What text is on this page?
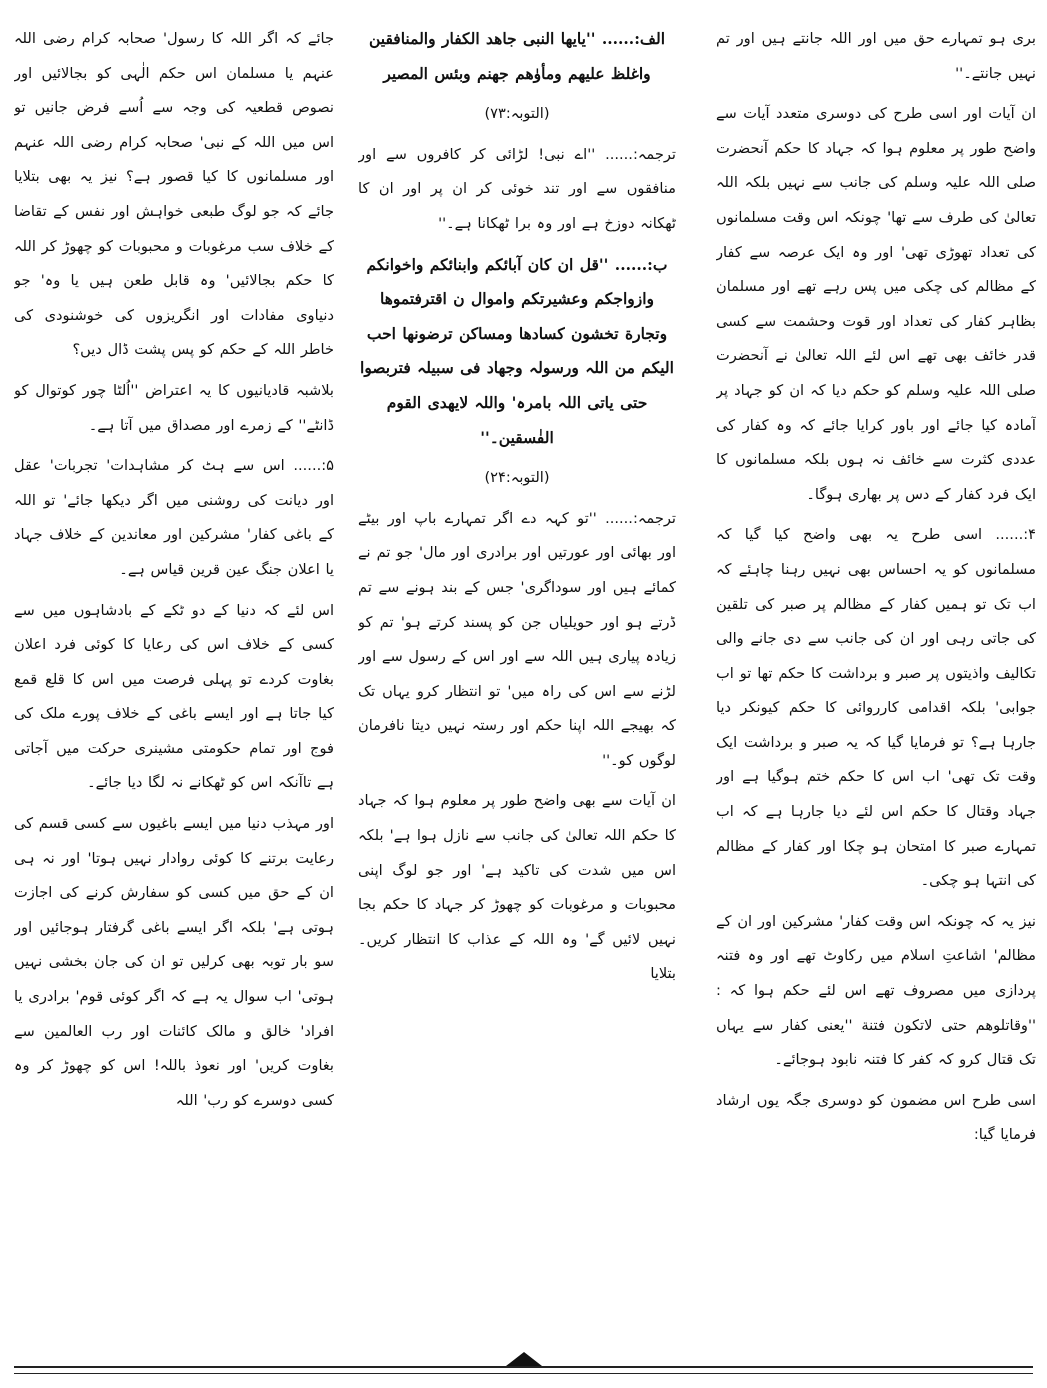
بری ہو تمہارے حق میں اور اللہ جانتے ہیں اور تم نہیں جانتے۔''

ان آیات اور اسی طرح کی دوسری متعدد آیات سے واضح طور پر معلوم ہوا کہ جہاد کا حکم آنحضرت صلی اللہ علیہ وسلم کی جانب سے نہیں بلکہ اللہ تعالیٰ کی طرف سے تھا' چونکہ اس وقت مسلمانوں کی تعداد تھوڑی تھی' اور وہ ایک عرصہ سے کفار کے مظالم کی چکی میں پس رہے تھے اور مسلمان بظاہر کفار کی تعداد اور قوت وحشمت سے کسی قدر خائف بھی تھے اس لئے اللہ تعالیٰ نے آنحضرت صلی اللہ علیہ وسلم کو حکم دیا کہ ان کو جہاد پر آمادہ کیا جائے اور باور کرایا جائے کہ وہ کفار کی عددی کثرت سے خائف نہ ہوں بلکہ مسلمانوں کا ایک فرد کفار کے دس پر بھاری ہوگا۔

۴:...... اسی طرح یہ بھی واضح کیا گیا کہ مسلمانوں کو یہ احساس بھی نہیں رہنا چاہئے کہ اب تک تو ہمیں کفار کے مظالم پر صبر کی تلقین کی جاتی رہی اور ان کی جانب سے دی جانے والی تکالیف واذیتوں پر صبر و برداشت کا حکم تھا تو اب جوابی' بلکہ اقدامی کارروائی کا حکم کیونکر دیا جارہا ہے؟ تو فرمایا گیا کہ یہ صبر و برداشت ایک وقت تک تھی' اب اس کا حکم ختم ہوگیا ہے اور جہاد وقتال کا حکم اس لئے دیا جارہا ہے کہ اب تمہارے صبر کا امتحان ہو چکا اور کفار کے مظالم کی انتہا ہو چکی۔

نیز یہ کہ چونکہ اس وقت کفار' مشرکین اور ان کے مظالم' اشاعتِ اسلام میں رکاوٹ تھے اور وہ فتنہ پردازی میں مصروف تھے اس لئے حکم ہوا کہ : ''وقاتلوھم حتی لاتکون فتنة ''یعنی کفار سے یہاں تک قتال کرو کہ کفر کا فتنہ نابود ہوجائے۔

اسی طرح اس مضمون کو دوسری جگہ یوں ارشاد فرمایا گیا:

الف:...... ''یایھا النبی جاھد الکفار والمنافقین واغلظ علیھم ومأوٰھم جھنم وبئس المصیر

(التوبہ:۷۳)

ترجمہ:...... ''اے نبی! لڑائی کر کافروں سے اور منافقوں سے اور تند خوئی کر ان پر اور ان کا ٹھکانہ دوزخ ہے اور وہ برا ٹھکانا ہے۔''

ب:...... ''قل ان کان آبائکم وابنائکم واخوانکم وازواجکم وعشیرتکم واموال ن اقترفتموھا وتجارة تخشون کسادھا ومساکن ترضونھا احب الیکم من اللہ ورسولہ وجھاد فی سبیلہ فتربصوا حتی یاتی اللہ بامرہ' واللہ لایھدی القوم الفٰسقین۔''

(التوبہ:۲۴)

ترجمہ:...... ''تو کہہ دے اگر تمہارے باپ اور بیٹے اور بھائی اور عورتیں اور برادری اور مال' جو تم نے کمائے ہیں اور سوداگری' جس کے بند ہونے سے تم ڈرتے ہو اور حویلیاں جن کو پسند کرتے ہو' تم کو زیادہ پیاری ہیں اللہ سے اور اس کے رسول سے اور لڑنے سے اس کی راہ میں' تو انتظار کرو یہاں تک کہ بھیجے اللہ اپنا حکم اور رستہ نہیں دیتا نافرمان لوگوں کو۔''

ان آیات سے بھی واضح طور پر معلوم ہوا کہ جہاد کا حکم اللہ تعالیٰ کی جانب سے نازل ہوا ہے' بلکہ اس میں شدت کی تاکید ہے' اور جو لوگ اپنی محبوبات و مرغوبات کو چھوڑ کر جہاد کا حکم بجا نہیں لائیں گے' وہ اللہ کے عذاب کا انتظار کریں۔ بتلایا

جائے کہ اگر اللہ کا رسول' صحابہ کرام رضی اللہ عنہم یا مسلمان اس حکم الٰہی کو بجالائیں اور نصوص قطعیہ کی وجہ سے اُسے فرض جانیں تو اس میں اللہ کے نبی' صحابہ کرام رضی اللہ عنہم اور مسلمانوں کا کیا قصور ہے؟ نیز یہ بھی بتلایا جائے کہ جو لوگ طبعی خواہش اور نفس کے تقاضا کے خلاف سب مرغوبات و محبوبات کو چھوڑ کر اللہ کا حکم بجالائیں' وہ قابل طعن ہیں یا وہ' جو دنیاوی مفادات اور انگریزوں کی خوشنودی کی خاطر اللہ کے حکم کو پس پشت ڈال دیں؟

بلاشبہ قادیانیوں کا یہ اعتراض ''اُلٹا چور کوتوال کو ڈانٹے'' کے زمرے اور مصداق میں آتا ہے۔

۵:...... اس سے ہٹ کر مشاہدات' تجربات' عقل اور دیانت کی روشنی میں اگر دیکھا جائے' تو اللہ کے باغی کفار' مشرکین اور معاندین کے خلاف جہاد یا اعلان جنگ عین قرین قیاس ہے۔

اس لئے کہ دنیا کے دو ٹکے کے بادشاہوں میں سے کسی کے خلاف اس کی رعایا کا کوئی فرد اعلان بغاوت کردے تو پہلی فرصت میں اس کا قلع قمع کیا جاتا ہے اور ایسے باغی کے خلاف پورے ملک کی فوج اور تمام حکومتی مشینری حرکت میں آجاتی ہے تاآنکہ اس کو ٹھکانے نہ لگا دیا جائے۔

اور مہذب دنیا میں ایسے باغیوں سے کسی قسم کی رعایت برتنے کا کوئی روادار نہیں ہوتا' اور نہ ہی ان کے حق میں کسی کو سفارش کرنے کی اجازت ہوتی ہے' بلکہ اگر ایسے باغی گرفتار ہوجائیں اور سو بار توبہ بھی کرلیں تو ان کی جان بخشی نہیں ہوتی' اب سوال یہ ہے کہ اگر کوئی قوم' برادری یا افراد' خالق و مالک کائنات اور رب العالمین سے بغاوت کریں' اور نعوذ باللہ! اس کو چھوڑ کر وہ کسی دوسرے کو رب' اللہ
